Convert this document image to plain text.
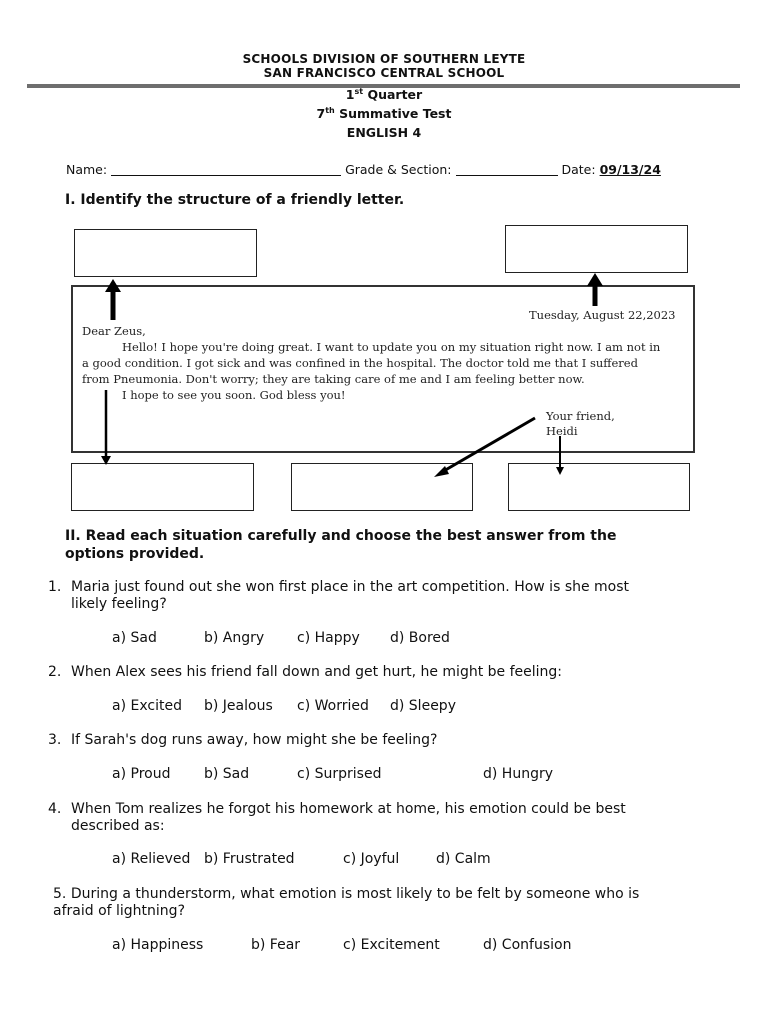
SCHOOLS DIVISION OF SOUTHERN LEYTE
SAN FRANCISCO CENTRAL SCHOOL
1st Quarter
7th Summative Test
ENGLISH 4
Name:	Grade & Section:	Date: 09/13/24
I. Identify the structure of a friendly letter.
Tuesday, August 22,2023
Dear Zeus,
Hello! I hope you're doing great. I want to update you on my situation right now. I am not in
a good condition. I got sick and was confined in the hospital. The doctor told me that I suffered
from Pneumonia. Don't worry; they are taking care of me and I am feeling better now.
I hope to see you soon. God bless you!
Your friend,
Heidi
II. Read each situation carefully and choose the best answer from the
options provided.
1. Maria just found out she won first place in the art competition. How is she most
likely feeling?
a) Sad	b) Angry c) Happy d) Bored
2. When Alex sees his friend fall down and get hurt, he might be feeling:
a) Excited b) Jealous c) Worried d) Sleepy
3. If Sarah's dog runs away, how might she be feeling?
a) Proud b) Sad	c) Surprised	d) Hungry
4. When Tom realizes he forgot his homework at home, his emotion could be best
described as:
a) Relieved b) Frustrated	c) Joyful	d) Calm
5. During a thunderstorm, what emotion is most likely to be felt by someone who is
afraid of lightning?
a) Happiness	b) Fear	c) Excitement	d) Confusion
